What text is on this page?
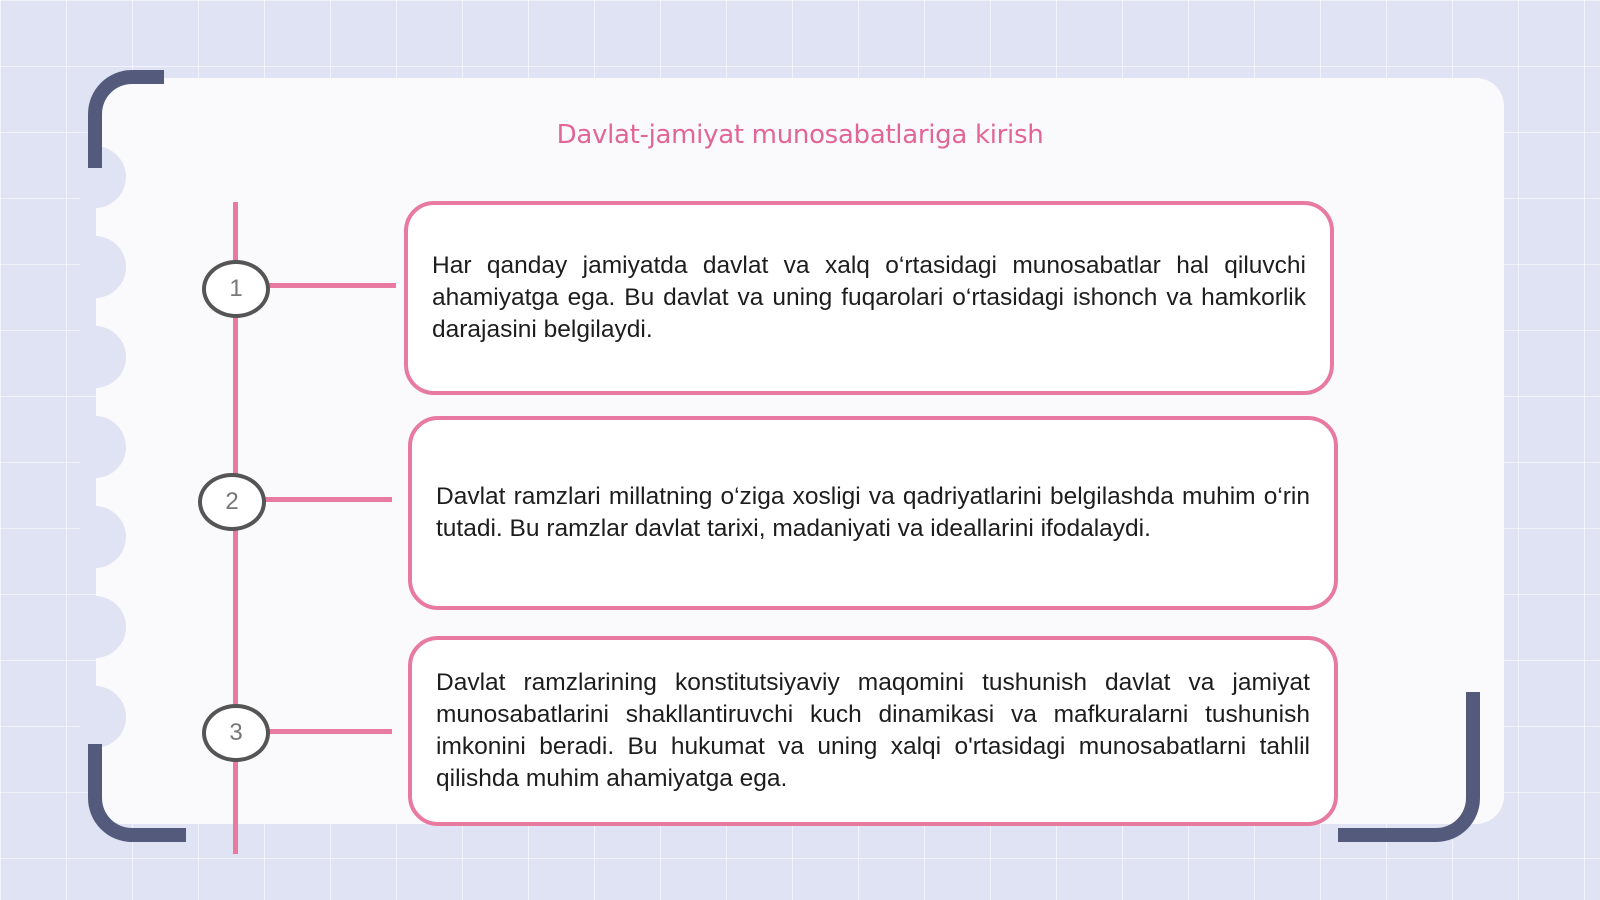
Davlat-jamiyat munosabatlariga kirish
1
2
3

Har qanday jamiyatda davlat va xalq o‘rtasidagi munosabatlar hal qiluvchi ahamiyatga ega. Bu davlat va uning fuqarolari o‘rtasidagi ishonch va hamkorlik darajasini belgilaydi.

Davlat ramzlari millatning o‘ziga xosligi va qadriyatlarini belgilashda muhim o‘rin tutadi. Bu ramzlar davlat tarixi, madaniyati va ideallarini ifodalaydi.

Davlat ramzlarining konstitutsiyaviy maqomini tushunish davlat va jamiyat munosabatlarini shakllantiruvchi kuch dinamikasi va mafkuralarni tushunish imkonini beradi. Bu hukumat va uning xalqi o'rtasidagi munosabatlarni tahlil qilishda muhim ahamiyatga ega.
